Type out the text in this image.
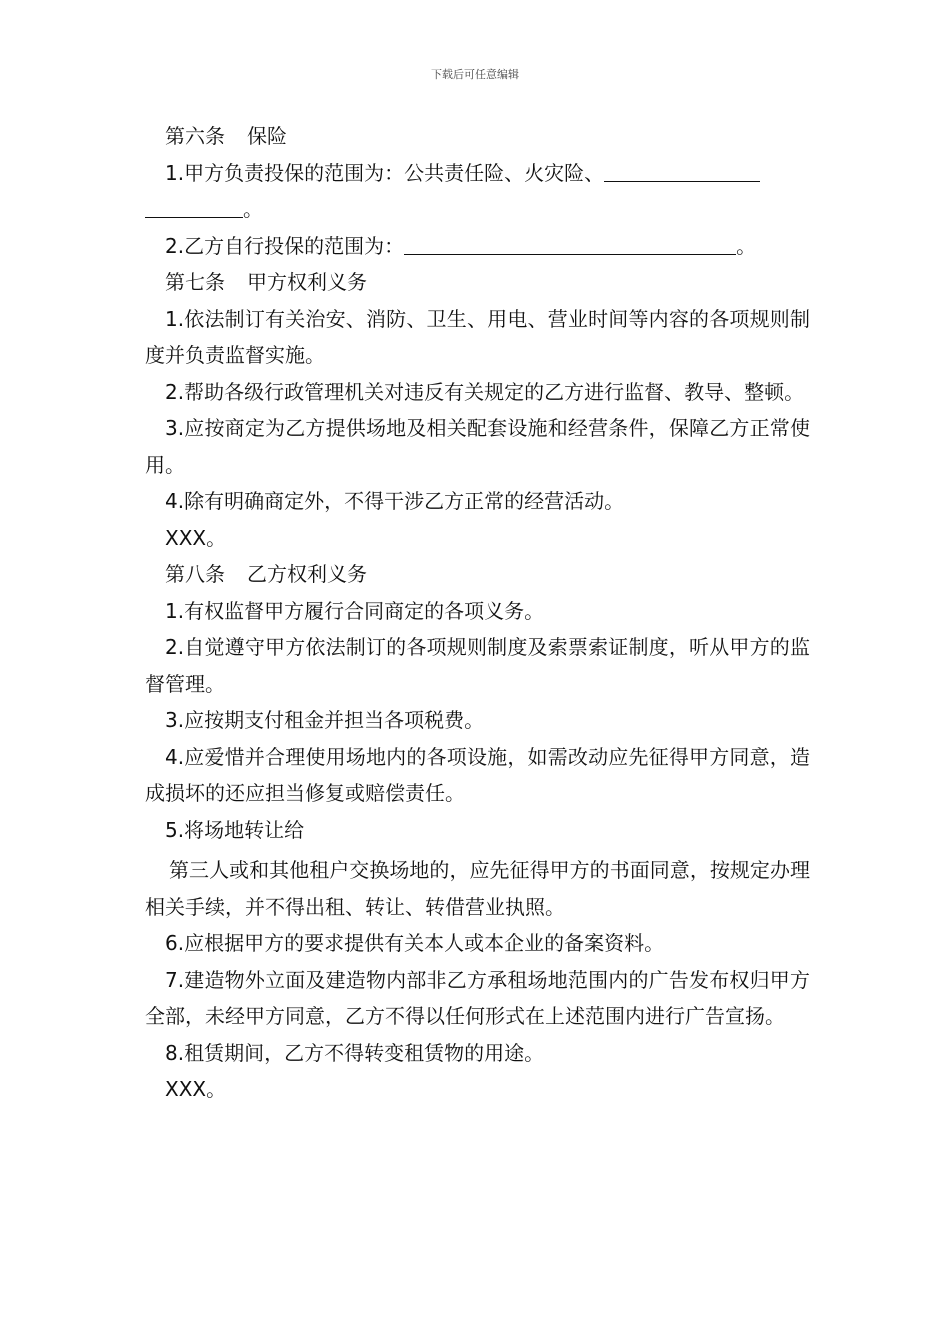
下载后可任意编辑

第六条 保险

1.甲方负责投保的范围为：公共责任险、火灾险、
。

2.乙方自行投保的范围为：	。

第七条 甲方权利义务

1.依法制订有关治安、消防、卫生、用电、营业时间等内容的各项规则制度并负责监督实施。

2.帮助各级行政管理机关对违反有关规定的乙方进行监督、教导、整顿。

3.应按商定为乙方提供场地及相关配套设施和经营条件，保障乙方正常使用。

4.除有明确商定外，不得干涉乙方正常的经营活动。

XXX。

第八条 乙方权利义务

1.有权监督甲方履行合同商定的各项义务。

2.自觉遵守甲方依法制订的各项规则制度及索票索证制度，听从甲方的监督管理。

3.应按期支付租金并担当各项税费。

4.应爱惜并合理使用场地内的各项设施，如需改动应先征得甲方同意，造成损坏的还应担当修复或赔偿责任。

5.将场地转让给

第三人或和其他租户交换场地的，应先征得甲方的书面同意，按规定办理相关手续，并不得出租、转让、转借营业执照。

6.应根据甲方的要求提供有关本人或本企业的备案资料。

7.建造物外立面及建造物内部非乙方承租场地范围内的广告发布权归甲方全部，未经甲方同意，乙方不得以任何形式在上述范围内进行广告宣扬。

8.租赁期间，乙方不得转变租赁物的用途。

XXX。
